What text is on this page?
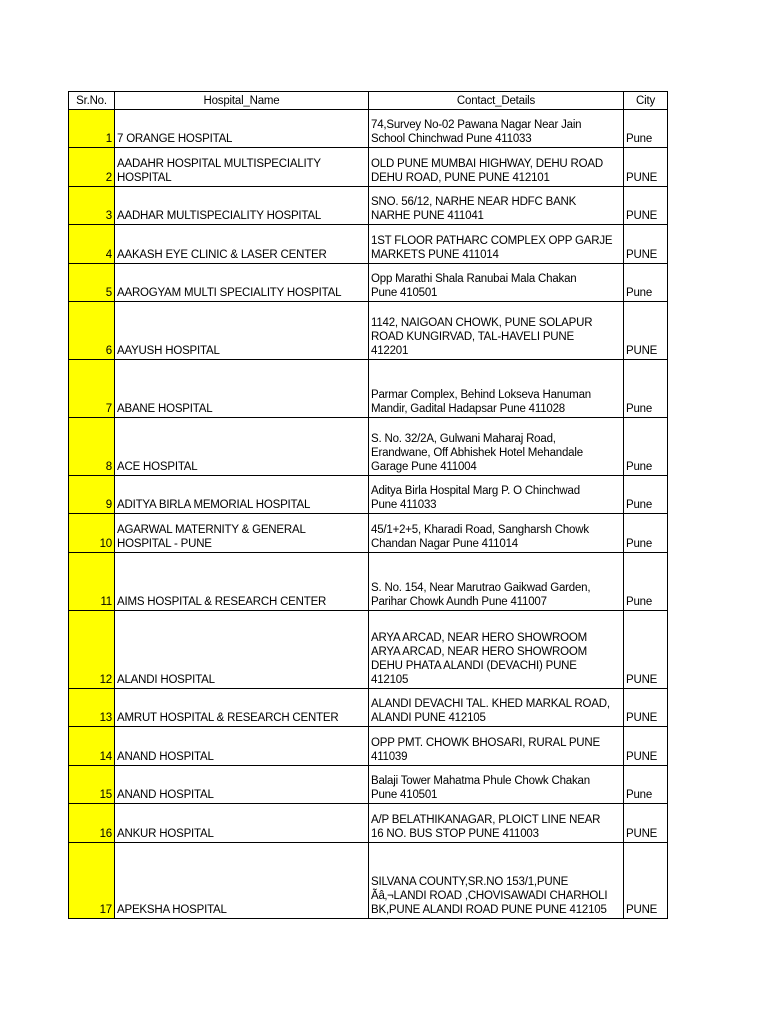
Sr.No.	Hospital_Name	Contact_Details	City
1	7 ORANGE HOSPITAL	74,Survey No-02 Pawana Nagar Near Jain
School Chinchwad Pune 411033	Pune
2	AADAHR HOSPITAL MULTISPECIALITY
HOSPITAL	OLD PUNE MUMBAI HIGHWAY, DEHU ROAD
DEHU ROAD, PUNE PUNE 412101	PUNE
3	AADHAR MULTISPECIALITY HOSPITAL	SNO. 56/12, NARHE NEAR HDFC BANK
NARHE PUNE 411041	PUNE
4	AAKASH EYE CLINIC & LASER CENTER	1ST FLOOR PATHARC COMPLEX OPP GARJE
MARKETS PUNE 411014	PUNE
5	AAROGYAM MULTI SPECIALITY HOSPITAL	Opp Marathi Shala Ranubai Mala Chakan
Pune 410501	Pune
6	AAYUSH HOSPITAL	1142, NAIGOAN CHOWK, PUNE SOLAPUR
ROAD KUNGIRVAD, TAL-HAVELI PUNE
412201	PUNE
7	ABANE HOSPITAL	Parmar Complex, Behind Lokseva Hanuman
Mandir, Gadital Hadapsar Pune 411028	Pune
8	ACE HOSPITAL	S. No. 32/2A, Gulwani Maharaj Road,
Erandwane, Off Abhishek Hotel Mehandale
Garage Pune 411004	Pune
9	ADITYA BIRLA MEMORIAL HOSPITAL	Aditya Birla Hospital Marg P. O Chinchwad
Pune 411033	Pune
10	AGARWAL MATERNITY & GENERAL
HOSPITAL - PUNE	45/1+2+5, Kharadi Road, Sangharsh Chowk
Chandan Nagar Pune 411014	Pune
11	AIMS HOSPITAL & RESEARCH CENTER	S. No. 154, Near Marutrao Gaikwad Garden,
Parihar Chowk Aundh Pune 411007	Pune
12	ALANDI HOSPITAL	ARYA ARCAD, NEAR HERO SHOWROOM
ARYA ARCAD, NEAR HERO SHOWROOM
DEHU PHATA ALANDI (DEVACHI) PUNE
412105	PUNE
13	AMRUT HOSPITAL & RESEARCH CENTER	ALANDI DEVACHI TAL. KHED MARKAL ROAD,
ALANDI PUNE 412105	PUNE
14	ANAND HOSPITAL	OPP PMT. CHOWK BHOSARI, RURAL PUNE
411039	PUNE
15	ANAND HOSPITAL	Balaji Tower Mahatma Phule Chowk Chakan
Pune 410501	Pune
16	ANKUR HOSPITAL	A/P BELATHIKANAGAR, PLOICT LINE NEAR
16 NO. BUS STOP PUNE 411003	PUNE
17	APEKSHA HOSPITAL	SILVANA COUNTY,SR.NO 153/1,PUNE
Ãâ‚¬LANDI ROAD ,CHOVISAWADI CHARHOLI
BK,PUNE ALANDI ROAD PUNE PUNE 412105	PUNE
